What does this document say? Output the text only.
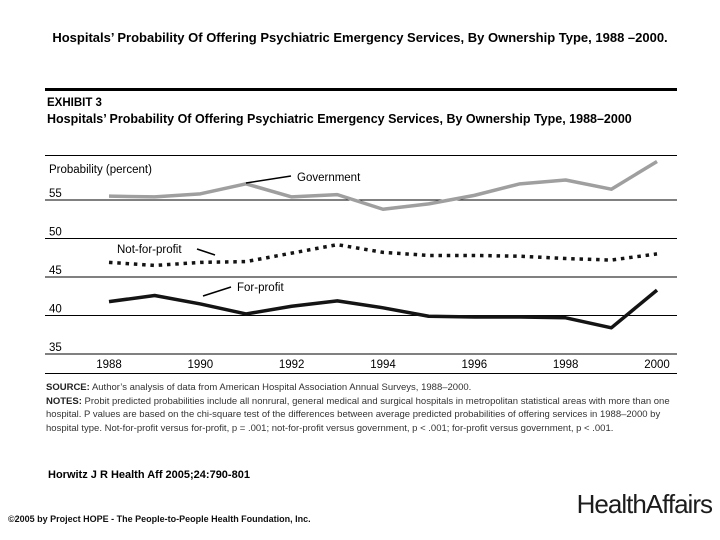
Hospitals’ Probability Of Offering Psychiatric Emergency Services, By Ownership Type, 1988 –2000.
EXHIBIT 3
Hospitals’ Probability Of Offering Psychiatric Emergency Services, By Ownership Type, 1988–2000
55
50
45
40
35
Probability (percent)
1988	1990	1992	1994	1996	1998	2000
Government
Not-for-profit
For-profit

SOURCE: Author’s analysis of data from American Hospital Association Annual Surveys, 1988–2000.

NOTES: Probit predicted probabilities include all nonrural, general medical and surgical hospitals in metropolitan statistical areas with more than one hospital. P values are based on the chi-square test of the differences between average predicted probabilities of offering services in 1988–2000 by hospital type. Not-for-profit versus for-profit, p = .001; not-for-profit versus government, p < .001; for-profit versus government, p < .001.

Horwitz J R Health Aff 2005;24:790-801
©2005 by Project HOPE - The People-to-People Health Foundation, Inc.	HealthAffairs
